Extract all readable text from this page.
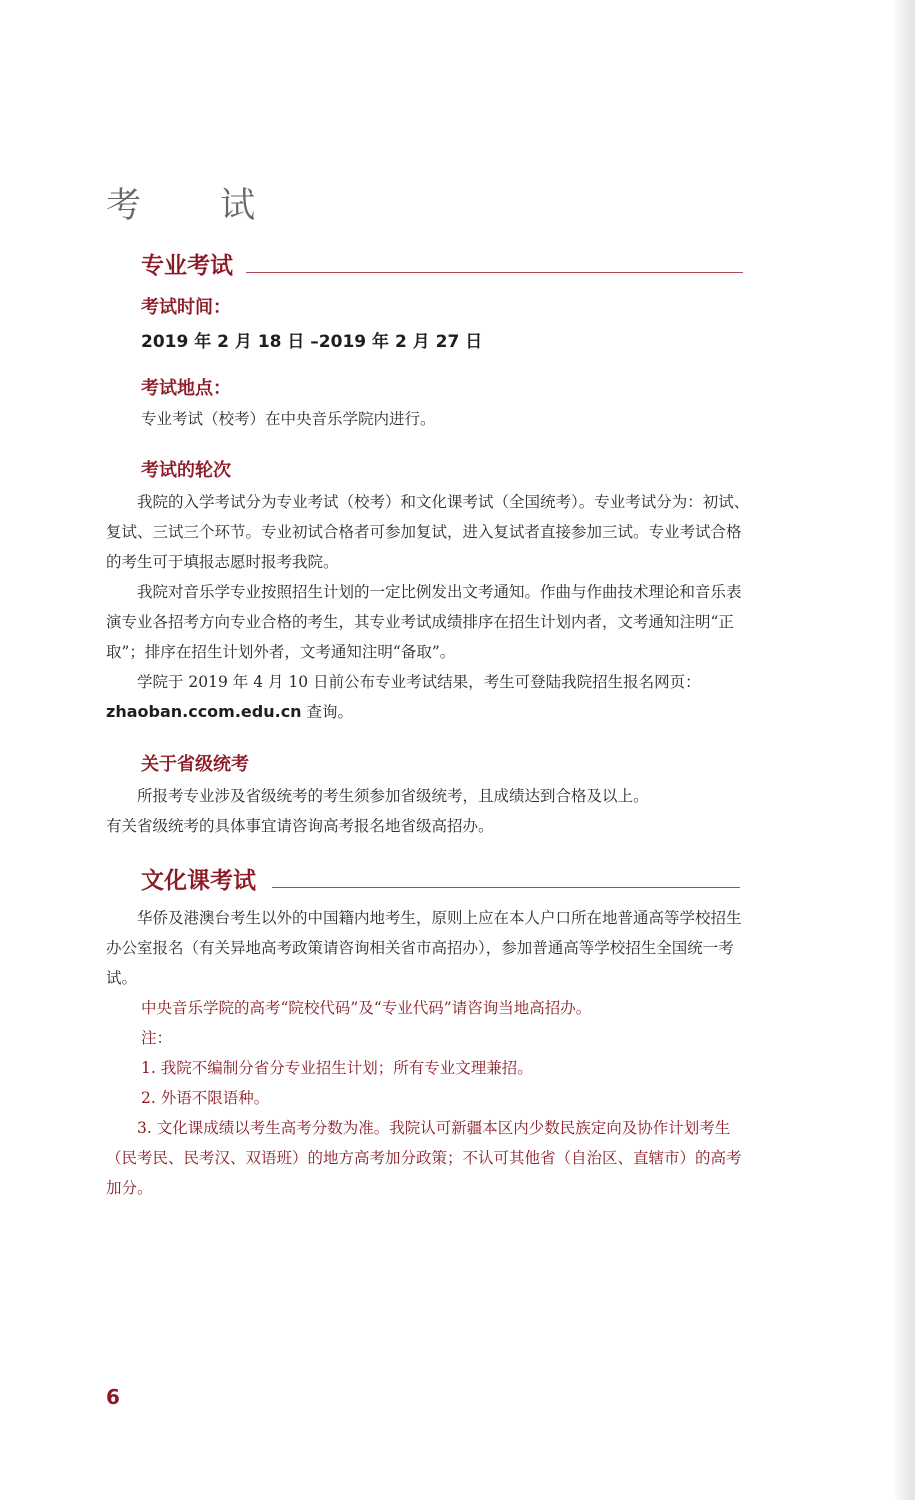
考 试
专业考试
考试时间：
2019 年 2 月 18 日 –2019 年 2 月 27 日
考试地点：
专业考试（校考）在中央音乐学院内进行。
考试的轮次

我院的入学考试分为专业考试（校考）和文化课考试（全国统考）。专业考试分为：初试、复试、三试三个环节。专业初试合格者可参加复试，进入复试者直接参加三试。专业考试合格的考生可于填报志愿时报考我院。

我院对音乐学专业按照招生计划的一定比例发出文考通知。作曲与作曲技术理论和音乐表演专业各招考方向专业合格的考生，其专业考试成绩排序在招生计划内者，文考通知注明“正取”；排序在招生计划外者，文考通知注明“备取”。

学院于 2019 年 4 月 10 日前公布专业考试结果，考生可登陆我院招生报名网页：

zhaoban.ccom.edu.cn 查询。

关于省级统考

所报考专业涉及省级统考的考生须参加省级统考，且成绩达到合格及以上。

有关省级统考的具体事宜请咨询高考报名地省级高招办。

文化课考试

华侨及港澳台考生以外的中国籍内地考生，原则上应在本人户口所在地普通高等学校招生办公室报名（有关异地高考政策请咨询相关省市高招办），参加普通高等学校招生全国统一考试。

中央音乐学院的高考“院校代码”及“专业代码”请咨询当地高招办。

注：

1. 我院不编制分省分专业招生计划；所有专业文理兼招。

2. 外语不限语种。

3. 文化课成绩以考生高考分数为准。我院认可新疆本区内少数民族定向及协作计划考生（民考民、民考汉、双语班）的地方高考加分政策；不认可其他省（自治区、直辖市）的高考加分。

6
